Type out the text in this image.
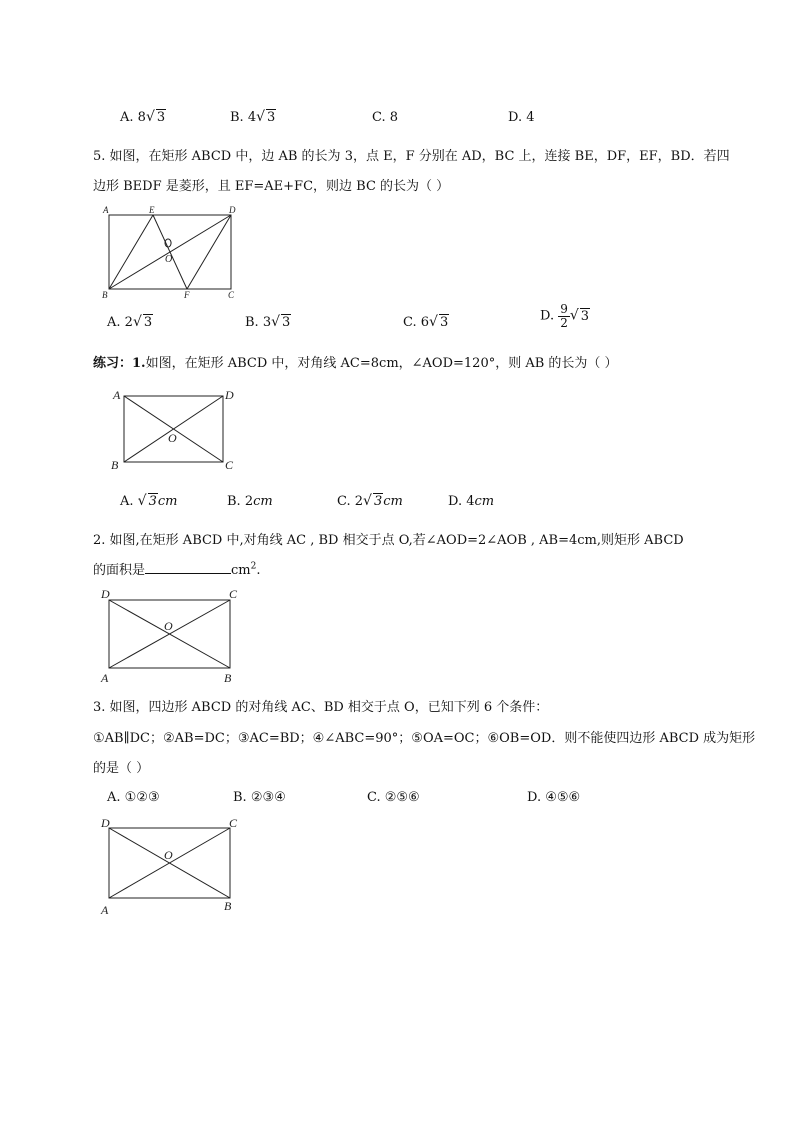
A. 8√ 3	B. 4√ 3	C. 8	D. 4
5. 如图，在矩形 ABCD 中，边 AB 的长为 3，点 E，F 分别在 AD，BC 上，连接 BE，DF，EF，BD．若四
边形 BEDF 是菱形，且 EF=AE+FC，则边 BC 的长为（ ）
A	E	D
O
B	F	C
A. 2√ 3	B. 3√ 3	C. 6√ 3	D. $\frac{9}{2}$ √ 3
练习：1.如图，在矩形 ABCD 中，对角线 AC=8cm，∠AOD=120°，则 AB 的长为（ ）
A	D
O
B	C
A. √ 3cm	B. 2cm	C. 2√ 3cm	D. 4cm
2. 如图,在矩形 ABCD 中,对角线 AC , BD 相交于点 O,若∠AOD=2∠AOB , AB=4cm,则矩形 ABCD
的面积是	$cm^2$.
D	C
O
A	B
3. 如图，四边形 ABCD 的对角线 AC、BD 相交于点 O，已知下列 6 个条件：
①AB∥DC；②AB=DC；③AC=BD；④∠ABC=90°；⑤OA=OC；⑥OB=OD．则不能使四边形 ABCD 成为矩形
的是（ ）
A. ①②③	B. ②③④	C. ②⑤⑥	D. ④⑤⑥
D	C
O
A	B
